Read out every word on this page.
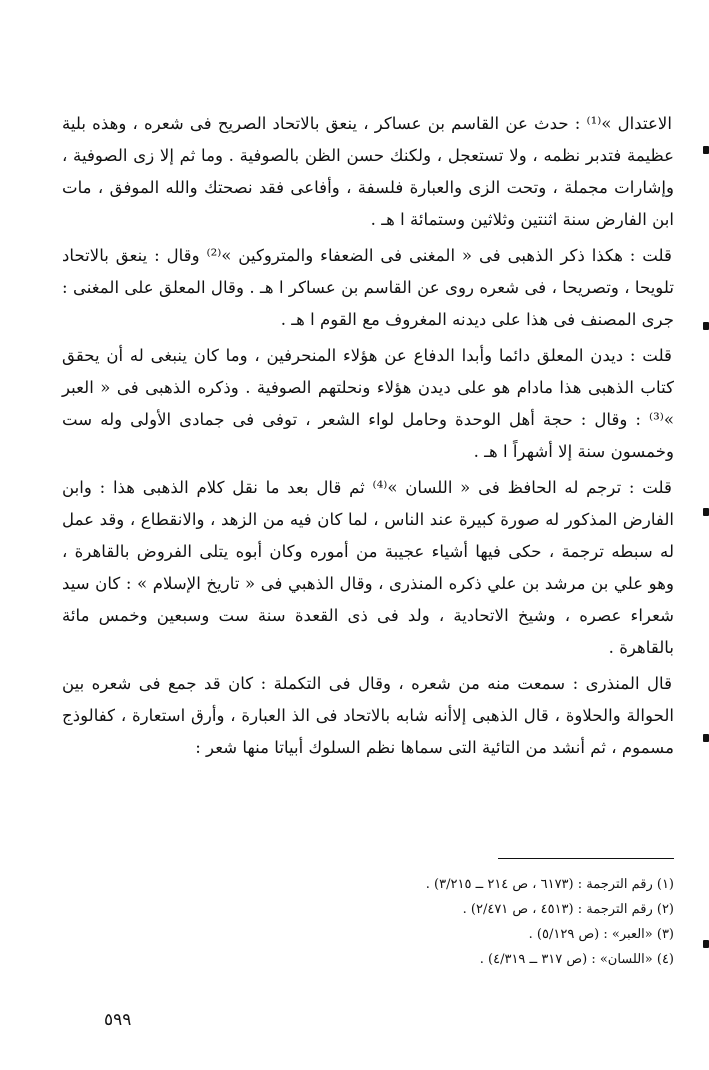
الاعتدال »⁽¹⁾ : حدث عن القاسم بن عساكر ، ينعق بالاتحاد الصريح فى شعره ، وهذه بلية عظيمة فتدبر نظمه ، ولا تستعجل ، ولكنك حسن الظن بالصوفية . وما ثم إلا زى الصوفية ، وإشارات مجملة ، وتحت الزى والعبارة فلسفة ، وأفاعى فقد نصحتك والله الموفق ، مات ابن الفارض سنة اثنتين وثلاثين وستمائة ا هـ .

قلت : هكذا ذكر الذهبى فى « المغنى فى الضعفاء والمتروكين »⁽²⁾ وقال : ينعق بالاتحاد تلويحا ، وتصريحا ، فى شعره روى عن القاسم بن عساكر ا هـ . وقال المعلق على المغنى : جرى المصنف فى هذا على ديدنه المغروف مع القوم ا هـ .

قلت : ديدن المعلق دائما وأبدا الدفاع عن هؤلاء المنحرفين ، وما كان ينبغى له أن يحقق كتاب الذهبى هذا مادام هو على ديدن هؤلاء ونحلتهم الصوفية . وذكره الذهبى فى « العبر »⁽³⁾ : وقال : حجة أهل الوحدة وحامل لواء الشعر ، توفى فى جمادى الأولى وله ست وخمسون سنة إلا أشهراً ا هـ .

قلت : ترجم له الحافظ فى « اللسان »⁽⁴⁾ ثم قال بعد ما نقل كلام الذهبى هذا : وابن الفارض المذكور له صورة كبيرة عند الناس ، لما كان فيه من الزهد ، والانقطاع ، وقد عمل له سبطه ترجمة ، حكى فيها أشياء عجيبة من أموره وكان أبوه يتلى الفروض بالقاهرة ، وهو علي بن مرشد بن علي ذكره المنذرى ، وقال الذهبي فى « تاريخ الإسلام » : كان سيد شعراء عصره ، وشيخ الاتحادية ، ولد فى ذى القعدة سنة ست وسبعين وخمس مائة بالقاهرة .

قال المنذرى : سمعت منه من شعره ، وقال فى التكملة : كان قد جمع فى شعره بين الحوالة والحلاوة ، قال الذهبى إلاأنه شابه بالاتحاد فى الذ العبارة ، وأرق استعارة ، كفالوذج مسموم ، ثم أنشد من التائية التى سماها نظم السلوك أبياتا منها شعر :

(١) رقم الترجمة : (٦١٧٣ ، ص ٢١٤ ــ ٣/٢١٥) .
(٢) رقم الترجمة : (٤٥١٣ ، ص ٢/٤٧١) .
(٣) «العبر» : (ص ٥/١٢٩) .
(٤) «اللسان» : (ص ٣١٧ ــ ٤/٣١٩) .
٥٩٩
